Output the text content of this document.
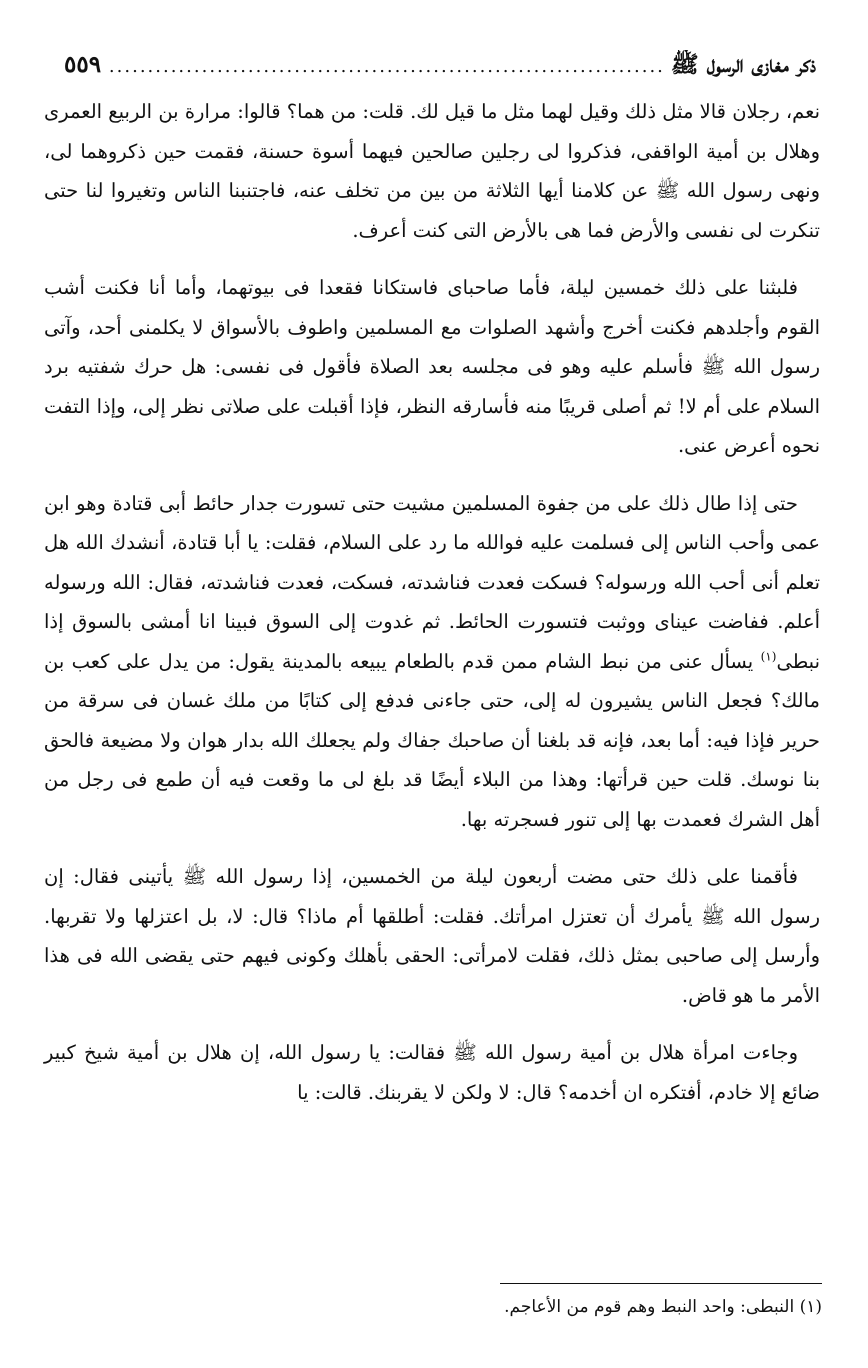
ذكر مغازى الرسول ﷺ
.....
٥٥٩

نعم، رجلان قالا مثل ذلك وقيل لهما مثل ما قيل لك. قلت: من هما؟ قالوا: مرارة بن الربيع العمرى وهلال بن أمية الواقفى، فذكروا لى رجلين صالحين فيهما أسوة حسنة، فقمت حين ذكروهما لى، ونهى رسول الله ﷺ عن كلامنا أيها الثلاثة من بين من تخلف عنه، فاجتنبنا الناس وتغيروا لنا حتى تنكرت لى نفسى والأرض فما هى بالأرض التى كنت أعرف.

فلبثنا على ذلك خمسين ليلة، فأما صاحباى فاستكانا فقعدا فى بيوتهما، وأما أنا فكنت أشب القوم وأجلدهم فكنت أخرج وأشهد الصلوات مع المسلمين واطوف بالأسواق لا يكلمنى أحد، وآتى رسول الله ﷺ فأسلم عليه وهو فى مجلسه بعد الصلاة فأقول فى نفسى: هل حرك شفتيه برد السلام على أم لا! ثم أصلى قريبًا منه فأسارقه النظر، فإذا أقبلت على صلاتى نظر إلى، وإذا التفت نحوه أعرض عنى.

حتى إذا طال ذلك على من جفوة المسلمين مشيت حتى تسورت جدار حائط أبى قتادة وهو ابن عمى وأحب الناس إلى فسلمت عليه فوالله ما رد على السلام، فقلت: يا أبا قتادة، أنشدك الله هل تعلم أنى أحب الله ورسوله؟ فسكت فعدت فناشدته، فسكت، فعدت فناشدته، فقال: الله ورسوله أعلم. ففاضت عيناى ووثبت فتسورت الحائط. ثم غدوت إلى السوق فبينا انا أمشى بالسوق إذا نبطى$^{(١)}$ يسأل عنى من نبط الشام ممن قدم بالطعام يبيعه بالمدينة يقول: من يدل على كعب بن مالك؟ فجعل الناس يشيرون له إلى، حتى جاءنى فدفع إلى كتابًا من ملك غسان فى سرقة من حرير فإذا فيه: أما بعد، فإنه قد بلغنا أن صاحبك جفاك ولم يجعلك الله بدار هوان ولا مضيعة فالحق بنا نوسك. قلت حين قرأتها: وهذا من البلاء أيضًا قد بلغ لى ما وقعت فيه أن طمع فى رجل من أهل الشرك فعمدت بها إلى تنور فسجرته بها.

فأقمنا على ذلك حتى مضت أربعون ليلة من الخمسين، إذا رسول الله ﷺ يأتينى فقال: إن رسول الله ﷺ يأمرك أن تعتزل امرأتك. فقلت: أطلقها أم ماذا؟ قال: لا، بل اعتزلها ولا تقربها. وأرسل إلى صاحبى بمثل ذلك، فقلت لامرأتى: الحقى بأهلك وكونى فيهم حتى يقضى الله فى هذا الأمر ما هو قاض.

وجاءت امرأة هلال بن أمية رسول الله ﷺ فقالت: يا رسول الله، إن هلال بن أمية شيخ كبير ضائع إلا خادم، أفتكره ان أخدمه؟ قال: لا ولكن لا يقربنك. قالت: يا

(١) النبطى: واحد النبط وهم قوم من الأعاجم.
